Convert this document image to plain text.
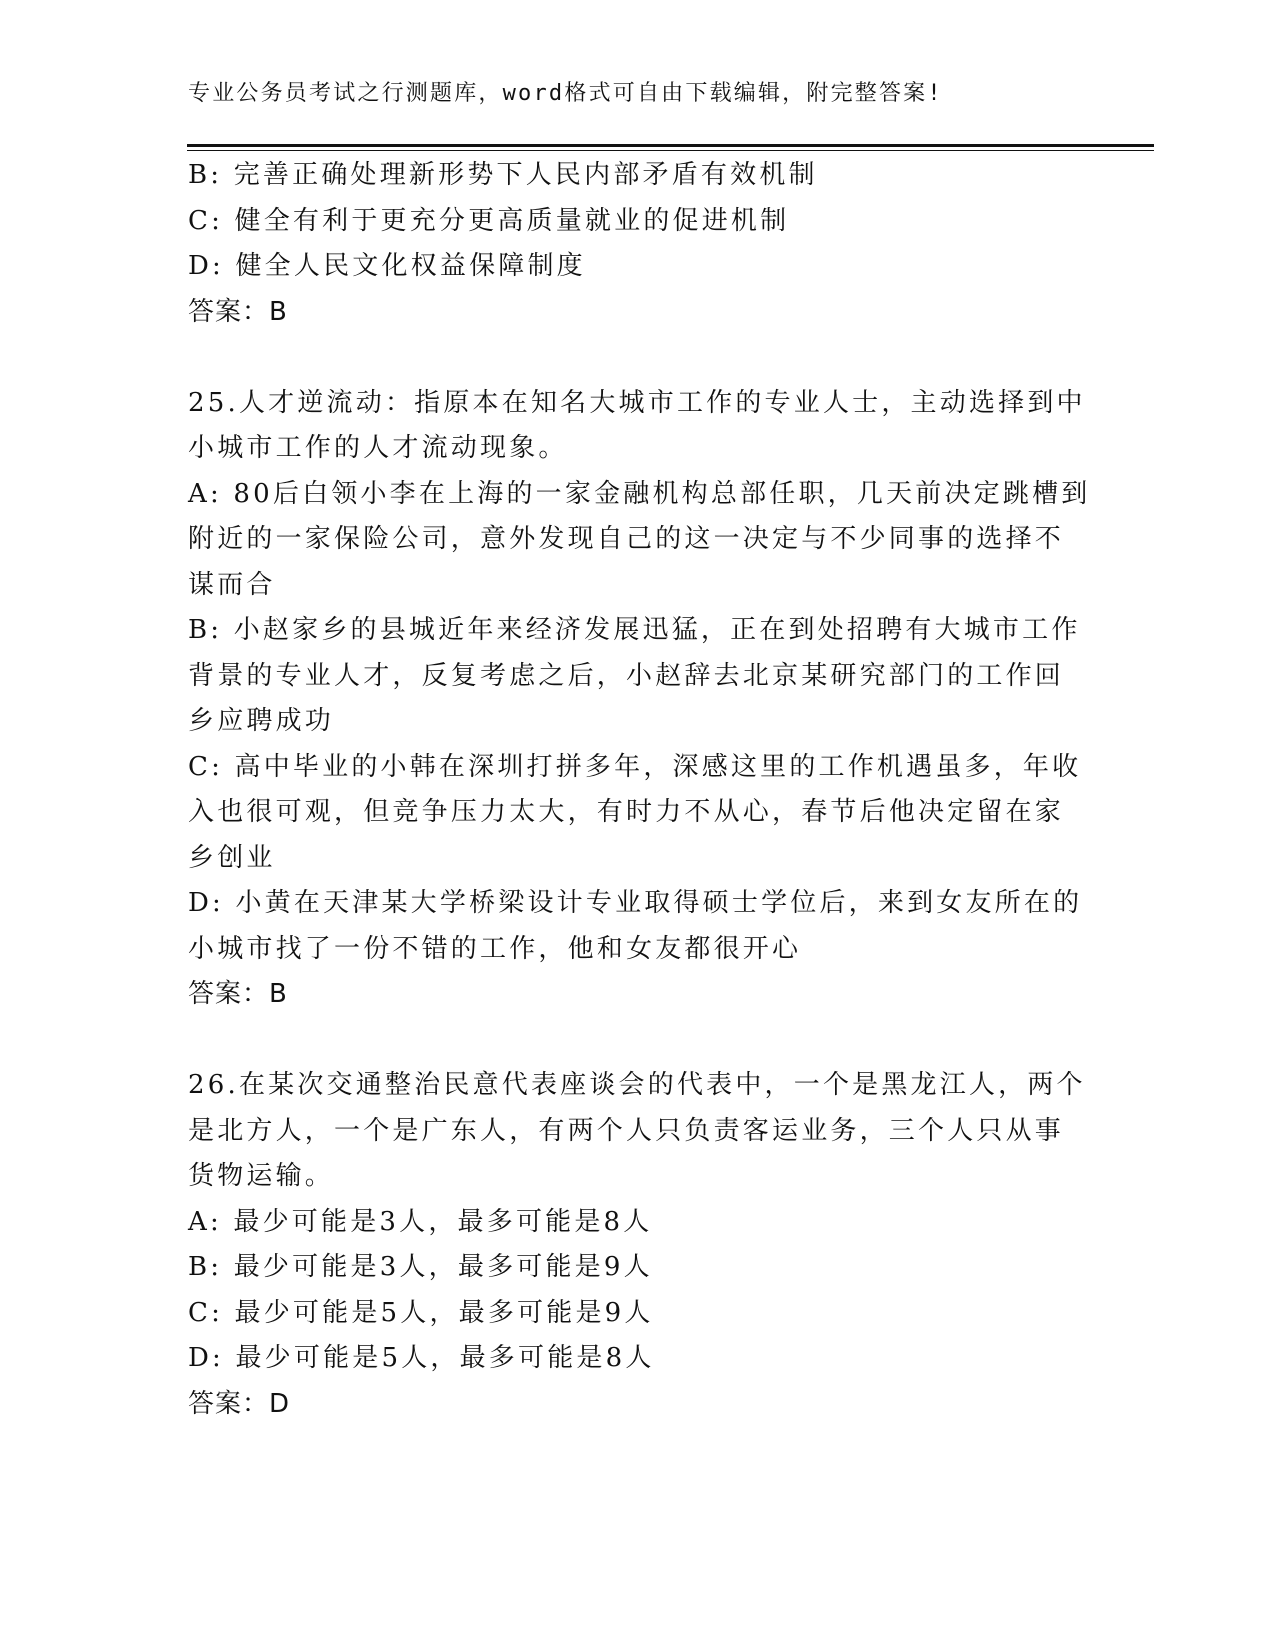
专业公务员考试之行测题库，word格式可自由下载编辑，附完整答案!
B: 完善正确处理新形势下人民内部矛盾有效机制
C: 健全有利于更充分更高质量就业的促进机制
D: 健全人民文化权益保障制度
答案：B
25.人才逆流动：指原本在知名大城市工作的专业人士，主动选择到中
小城市工作的人才流动现象。
A: 80后白领小李在上海的一家金融机构总部任职，几天前决定跳槽到
附近的一家保险公司，意外发现自己的这一决定与不少同事的选择不
谋而合
B: 小赵家乡的县城近年来经济发展迅猛，正在到处招聘有大城市工作
背景的专业人才，反复考虑之后，小赵辞去北京某研究部门的工作回
乡应聘成功
C: 高中毕业的小韩在深圳打拼多年，深感这里的工作机遇虽多，年收
入也很可观，但竞争压力太大，有时力不从心，春节后他决定留在家
乡创业
D: 小黄在天津某大学桥梁设计专业取得硕士学位后，来到女友所在的
小城市找了一份不错的工作，他和女友都很开心
答案：B
26.在某次交通整治民意代表座谈会的代表中，一个是黑龙江人，两个
是北方人，一个是广东人，有两个人只负责客运业务，三个人只从事
货物运输。
A: 最少可能是3人，最多可能是8人
B: 最少可能是3人，最多可能是9人
C: 最少可能是5人，最多可能是9人
D: 最少可能是5人，最多可能是8人
答案：D
